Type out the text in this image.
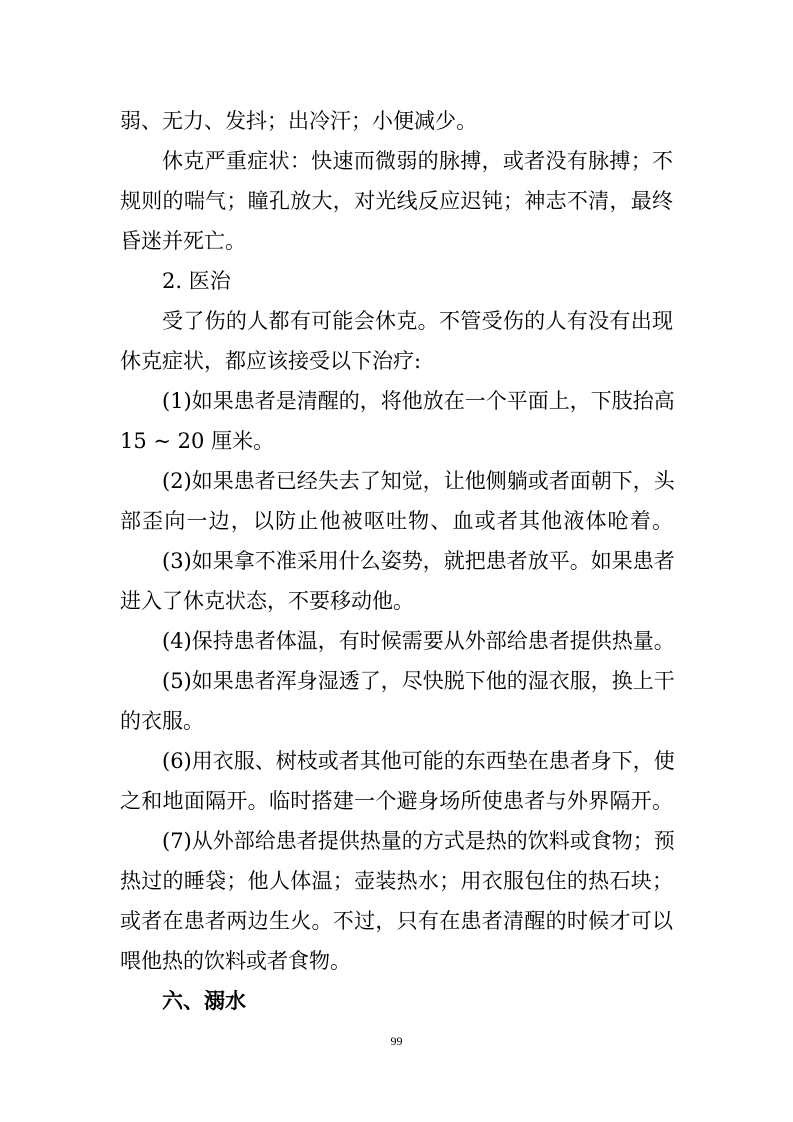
弱、无力、发抖；出冷汗；小便减少。
休克严重症状：快速而微弱的脉搏，或者没有脉搏；不
规则的喘气；瞳孔放大，对光线反应迟钝；神志不清，最终
昏迷并死亡。
2. 医治
受了伤的人都有可能会休克。不管受伤的人有没有出现
休克症状，都应该接受以下治疗:
(1)如果患者是清醒的，将他放在一个平面上，下肢抬高
15 ~ 20 厘米。
(2)如果患者已经失去了知觉，让他侧躺或者面朝下，头
部歪向一边，以防止他被呕吐物、血或者其他液体呛着。
(3)如果拿不准采用什么姿势，就把患者放平。如果患者
进入了休克状态，不要移动他。
(4)保持患者体温，有时候需要从外部给患者提供热量。
(5)如果患者浑身湿透了，尽快脱下他的湿衣服，换上干
的衣服。
(6)用衣服、树枝或者其他可能的东西垫在患者身下，使
之和地面隔开。临时搭建一个避身场所使患者与外界隔开。
(7)从外部给患者提供热量的方式是热的饮料或食物；预
热过的睡袋；他人体温；壶装热水；用衣服包住的热石块；
或者在患者两边生火。不过，只有在患者清醒的时候才可以
喂他热的饮料或者食物。
六、溺水
99
